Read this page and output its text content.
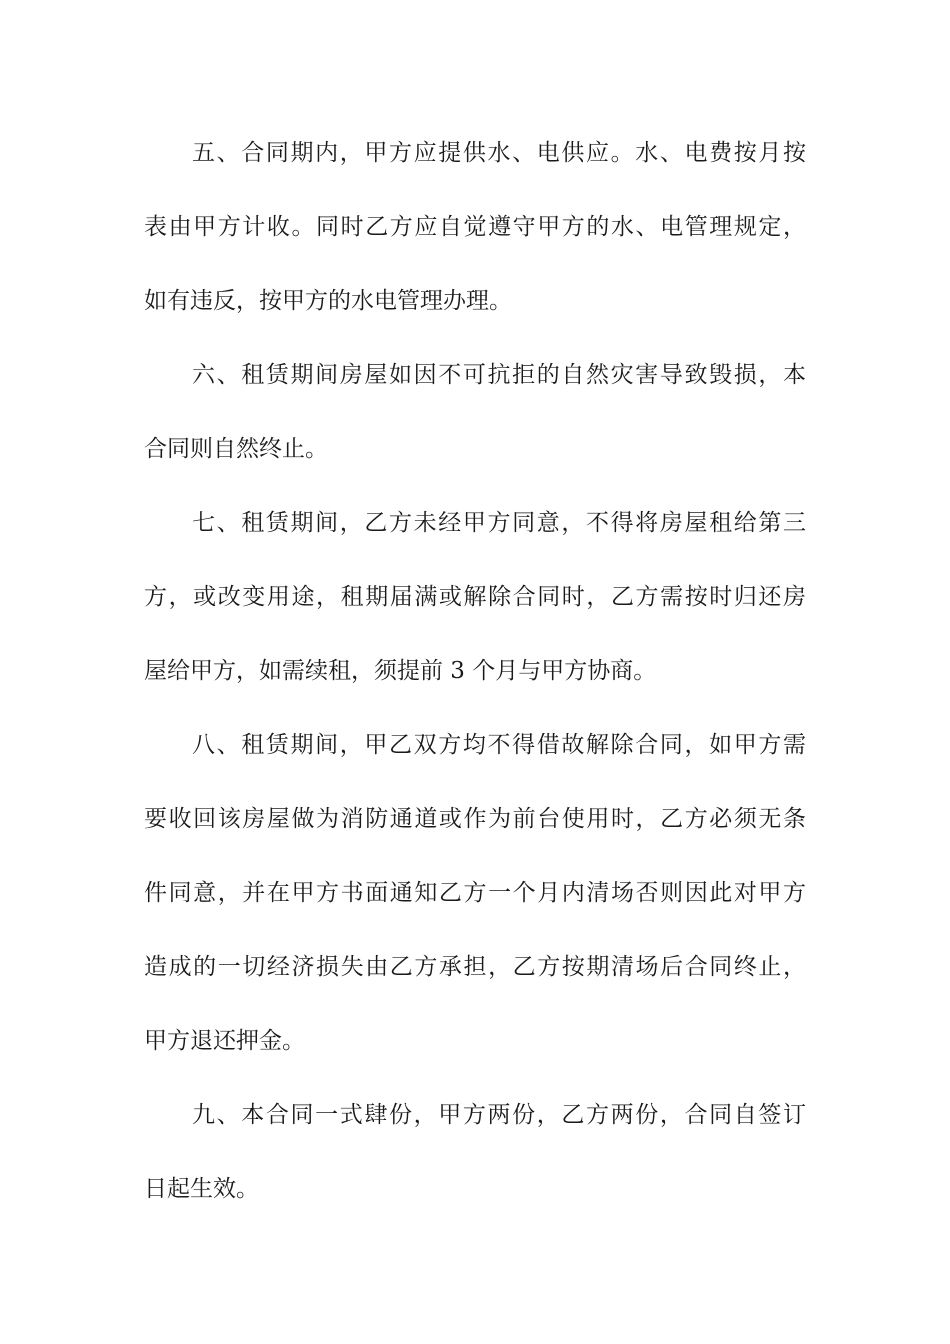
五、合同期内，甲方应提供水、电供应。水、电费按月按
表由甲方计收。同时乙方应自觉遵守甲方的水、电管理规定，
如有违反，按甲方的水电管理办理。
六、租赁期间房屋如因不可抗拒的自然灾害导致毁损，本
合同则自然终止。
七、租赁期间，乙方未经甲方同意，不得将房屋租给第三
方，或改变用途，租期届满或解除合同时，乙方需按时归还房
屋给甲方，如需续租，须提前 3 个月与甲方协商。
八、租赁期间，甲乙双方均不得借故解除合同，如甲方需
要收回该房屋做为消防通道或作为前台使用时，乙方必须无条
件同意，并在甲方书面通知乙方一个月内清场否则因此对甲方
造成的一切经济损失由乙方承担，乙方按期清场后合同终止，
甲方退还押金。
九、本合同一式肆份，甲方两份，乙方两份，合同自签订
日起生效。
